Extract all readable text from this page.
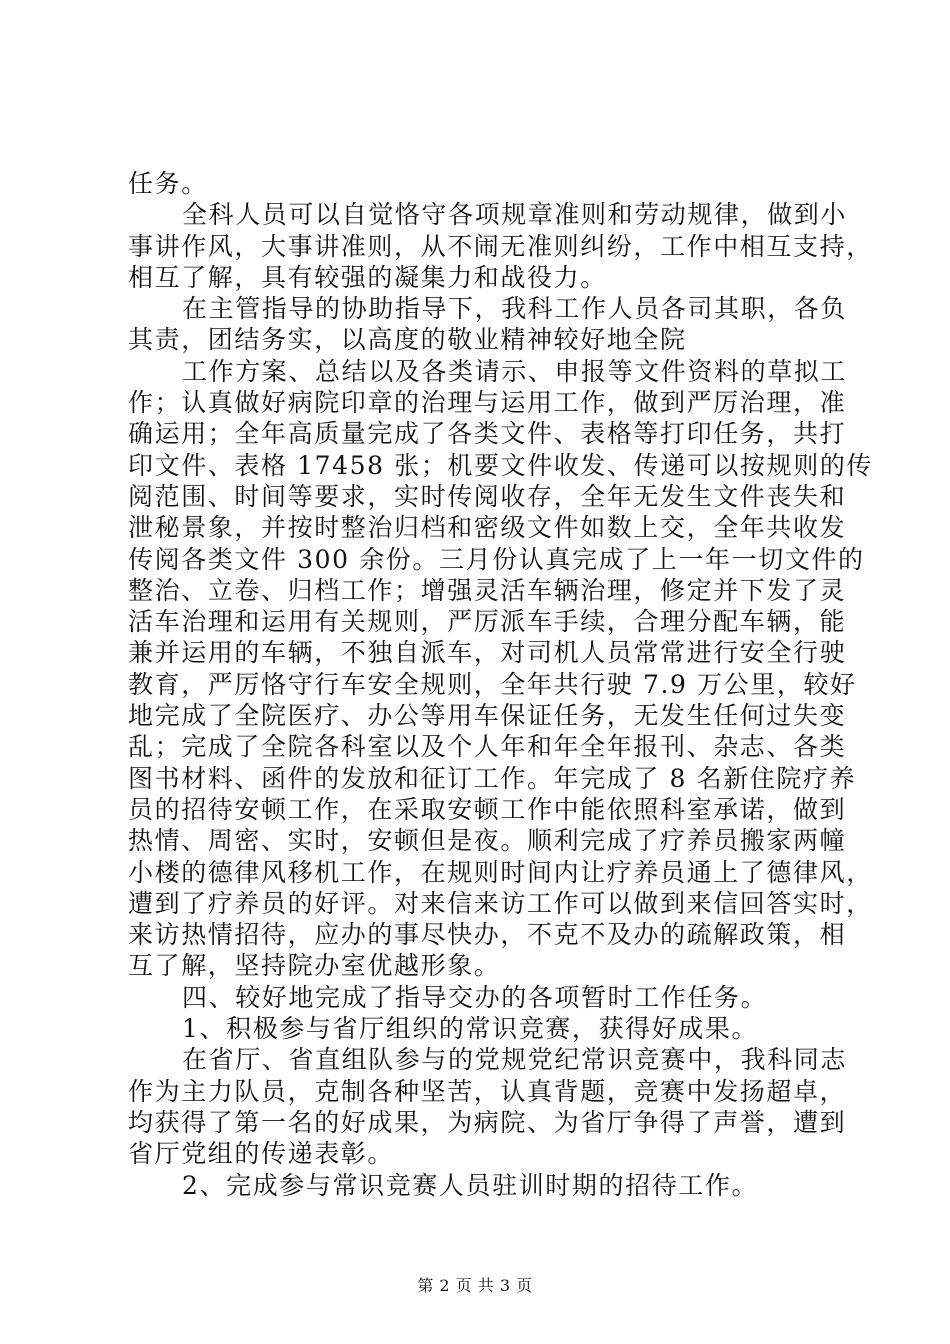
任务。
全科人员可以自觉恪守各项规章准则和劳动规律，做到小
事讲作风，大事讲准则，从不闹无准则纠纷，工作中相互支持，
相互了解，具有较强的凝集力和战役力。
在主管指导的协助指导下，我科工作人员各司其职，各负
其责，团结务实，以高度的敬业精神较好地全院
工作方案、总结以及各类请示、申报等文件资料的草拟工
作；认真做好病院印章的治理与运用工作，做到严厉治理，准
确运用；全年高质量完成了各类文件、表格等打印任务，共打
印文件、表格 17458 张；机要文件收发、传递可以按规则的传
阅范围、时间等要求，实时传阅收存，全年无发生文件丧失和
泄秘景象，并按时整治归档和密级文件如数上交，全年共收发
传阅各类文件 300 余份。三月份认真完成了上一年一切文件的
整治、立卷、归档工作；增强灵活车辆治理，修定并下发了灵
活车治理和运用有关规则，严厉派车手续，合理分配车辆，能
兼并运用的车辆，不独自派车，对司机人员常常进行安全行驶
教育，严厉恪守行车安全规则，全年共行驶 7.9 万公里，较好
地完成了全院医疗、办公等用车保证任务，无发生任何过失变
乱；完成了全院各科室以及个人年和年全年报刊、杂志、各类
图书材料、函件的发放和征订工作。年完成了 8 名新住院疗养
员的招待安顿工作，在采取安顿工作中能依照科室承诺，做到
热情、周密、实时，安顿但是夜。顺利完成了疗养员搬家两幢
小楼的德律风移机工作，在规则时间内让疗养员通上了德律风，
遭到了疗养员的好评。对来信来访工作可以做到来信回答实时，
来访热情招待，应办的事尽快办，不克不及办的疏解政策，相
互了解，坚持院办室优越形象。
四、较好地完成了指导交办的各项暂时工作任务。
1、积极参与省厅组织的常识竞赛，获得好成果。
在省厅、省直组队参与的党规党纪常识竞赛中，我科同志
作为主力队员，克制各种坚苦，认真背题，竞赛中发扬超卓，
均获得了第一名的好成果，为病院、为省厅争得了声誉，遭到
省厅党组的传递表彰。
2、完成参与常识竞赛人员驻训时期的招待工作。
第 2 页 共 3 页
